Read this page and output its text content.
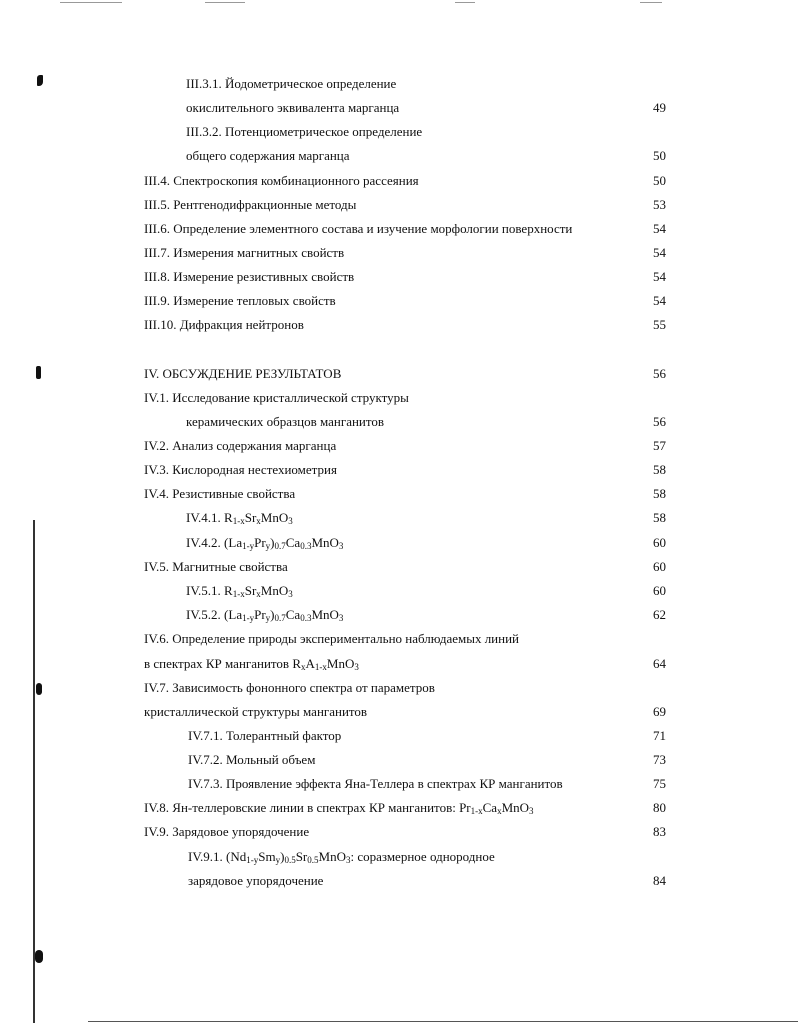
III.3.1. Йодометрическое определение
окислительного эквивалента марганца	49
III.3.2. Потенциометрическое определение
общего содержания марганца	50
III.4. Спектроскопия комбинационного рассеяния	50
III.5. Рентгенодифракционные методы	53
III.6. Определение элементного состава и изучение морфологии поверхности	54
III.7. Измерения магнитных свойств	54
III.8. Измерение резистивных свойств	54
III.9. Измерение тепловых свойств	54
III.10. Дифракция нейтронов	55
IV. ОБСУЖДЕНИЕ РЕЗУЛЬТАТОВ	56
IV.1. Исследование кристаллической структуры
керамических образцов манганитов	56
IV.2. Анализ содержания марганца	57
IV.3. Кислородная нестехиометрия	58
IV.4. Резистивные свойства	58
IV.4.1. $R_{1-x}Sr_xMnO_3$	58
IV.4.2. $(La_{1-y}Pr_y)_{0.7}Ca_{0.3}MnO_3$	60
IV.5. Магнитные свойства	60
IV.5.1. $R_{1-x}Sr_xMnO_3$	60
IV.5.2. $(La_{1-y}Pr_y)_{0.7}Ca_{0.3}MnO_3$	62
IV.6. Определение природы экспериментально наблюдаемых линий
в спектрах КР манганитов $R_xA_{1-x}MnO_3$	64
IV.7. Зависимость фононного спектра от параметров
кристаллической структуры манганитов	69
IV.7.1. Толерантный фактор	71
IV.7.2. Мольный объем	73
IV.7.3. Проявление эффекта Яна-Теллера в спектрах КР манганитов	75
IV.8. Ян-теллеровские линии в спектрах КР манганитов: $Pr_{1-x}Ca_xMnO_3$	80
IV.9. Зарядовое упорядочение	83
IV.9.1. $(Nd_{1-y}Sm_y)_{0.5}Sr_{0.5}MnO_3$: соразмерное однородное
зарядовое упорядочение	84
